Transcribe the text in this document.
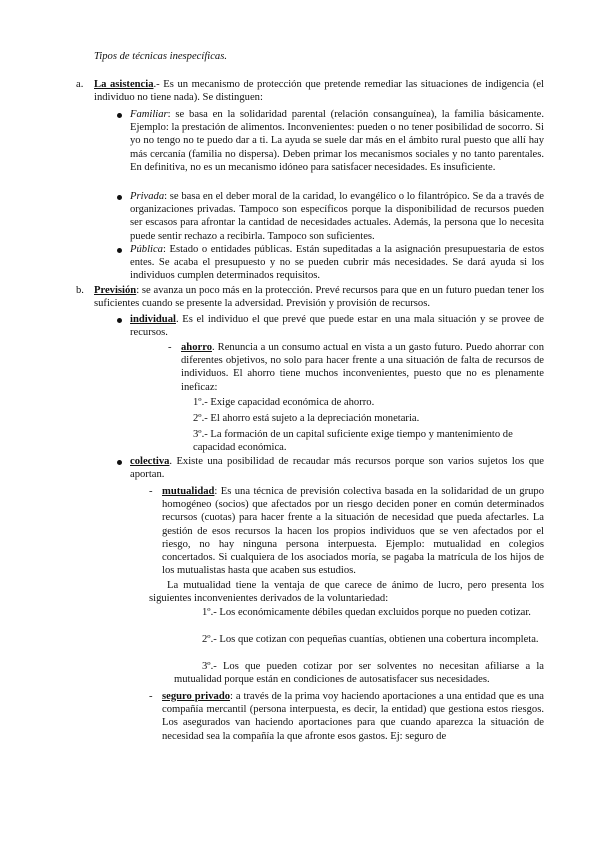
Tipos de técnicas inespecíficas.
a. La asistencia.- Es un mecanismo de protección que pretende remediar las situaciones de indigencia (el individuo no tiene nada). Se distinguen:
Familiar: se basa en la solidaridad parental (relación consanguínea), la familia básicamente. Ejemplo: la prestación de alimentos. Inconvenientes: pueden o no tener posibilidad de socorro. Si yo no tengo no te puedo dar a ti. La ayuda se suele dar más en el ámbito rural puesto que allí hay más cercanía (familia no dispersa). Deben primar los mecanismos sociales y no tanto parentales. En definitiva, no es un mecanismo idóneo para satisfacer necesidades. Es insuficiente.
Privada: se basa en el deber moral de la caridad, lo evangélico o lo filantrópico. Se da a través de organizaciones privadas. Tampoco son específicos porque la disponibilidad de recursos pueden ser escasos para afrontar la cantidad de necesidades actuales. Además, la persona que lo necesita puede sentir rechazo a recibirla. Tampoco son suficientes.
Pública: Estado o entidades públicas. Están supeditadas a la asignación presupuestaria de estos entes. Se acaba el presupuesto y no se pueden cubrir más necesidades. Se dará ayuda si los individuos cumplen determinados requisitos.
b. Previsión: se avanza un poco más en la protección. Prevé recursos para que en un futuro puedan tener los suficientes cuando se presente la adversidad. Previsión y provisión de recursos.
individual. Es el individuo el que prevé que puede estar en una mala situación y se provee de recursos.
- ahorro. Renuncia a un consumo actual en vista a un gasto futuro. Puedo ahorrar con diferentes objetivos, no solo para hacer frente a una situación de falta de recursos de individuos. El ahorro tiene muchos inconvenientes, puesto que no es plenamente ineficaz:
1º.- Exige capacidad económica de ahorro.
2º.- El ahorro está sujeto a la depreciación monetaria.
3º.- La formación de un capital suficiente exige tiempo y mantenimiento de capacidad económica.
colectiva. Existe una posibilidad de recaudar más recursos porque son varios sujetos los que aportan.
- mutualidad: Es una técnica de previsión colectiva basada en la solidaridad de un grupo homogéneo (socios) que afectados por un riesgo deciden poner en común determinados recursos (cuotas) para hacer frente a la situación de necesidad que pueda afectarles. La gestión de esos recursos la hacen los propios individuos que se ven afectados por el riesgo, no hay ninguna persona interpuesta. Ejemplo: mutualidad en colegios concertados. Si cualquiera de los asociados moría, se pagaba la matrícula de los hijos de los mutualistas hasta que acaben sus estudios.
La mutualidad tiene la ventaja de que carece de ánimo de lucro, pero presenta los siguientes inconvenientes derivados de la voluntariedad:
1º.- Los económicamente débiles quedan excluidos porque no pueden cotizar.
2º.- Los que cotizan con pequeñas cuantías, obtienen una cobertura incompleta.
3º.- Los que pueden cotizar por ser solventes no necesitan afiliarse a la mutualidad porque están en condiciones de autosatisfacer sus necesidades.
- seguro privado: a través de la prima voy haciendo aportaciones a una entidad que es una compañía mercantil (persona interpuesta, es decir, la entidad) que gestiona estos riesgos. Los asegurados van haciendo aportaciones para que cuando aparezca la situación de necesidad sea la compañía la que afronte esos gastos. Ej: seguro de
